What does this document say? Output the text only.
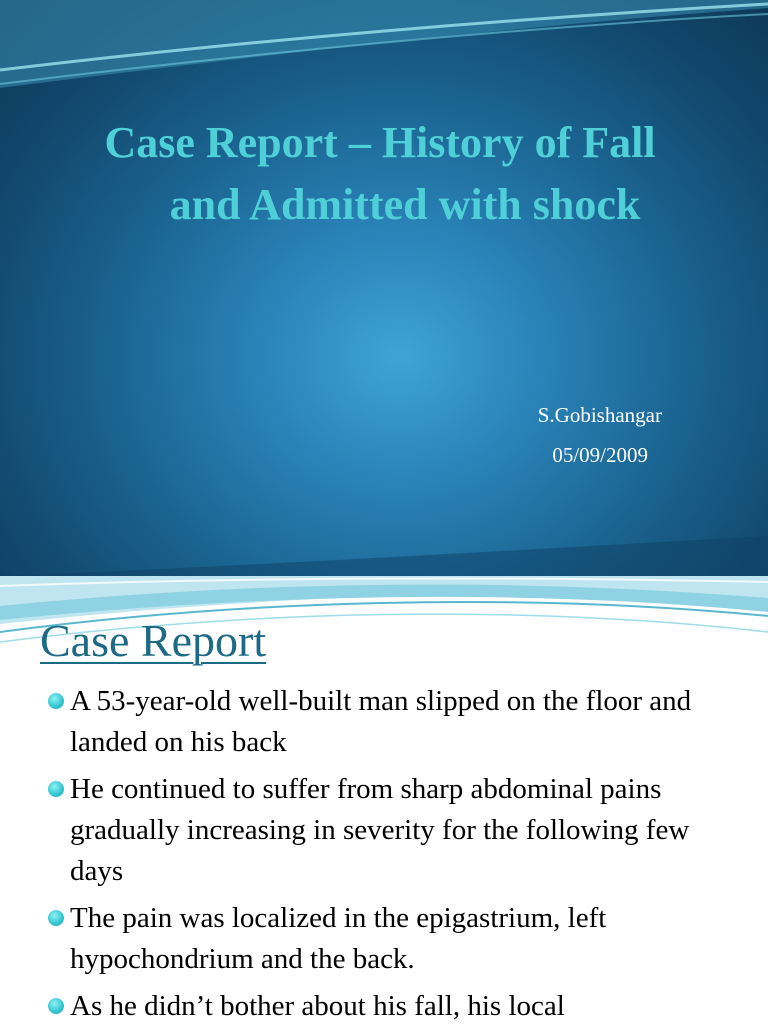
Case Report – History of Fall
and Admitted with shock

S.Gobishangar

05/09/2009

Case Report
A 53-year-old well-built man slipped on the floor and landed on his back
He continued to suffer from sharp abdominal pains gradually increasing in severity for the following few days
The pain was localized in the epigastrium, left hypochondrium and the back.
As he didn’t bother about his fall, his local
